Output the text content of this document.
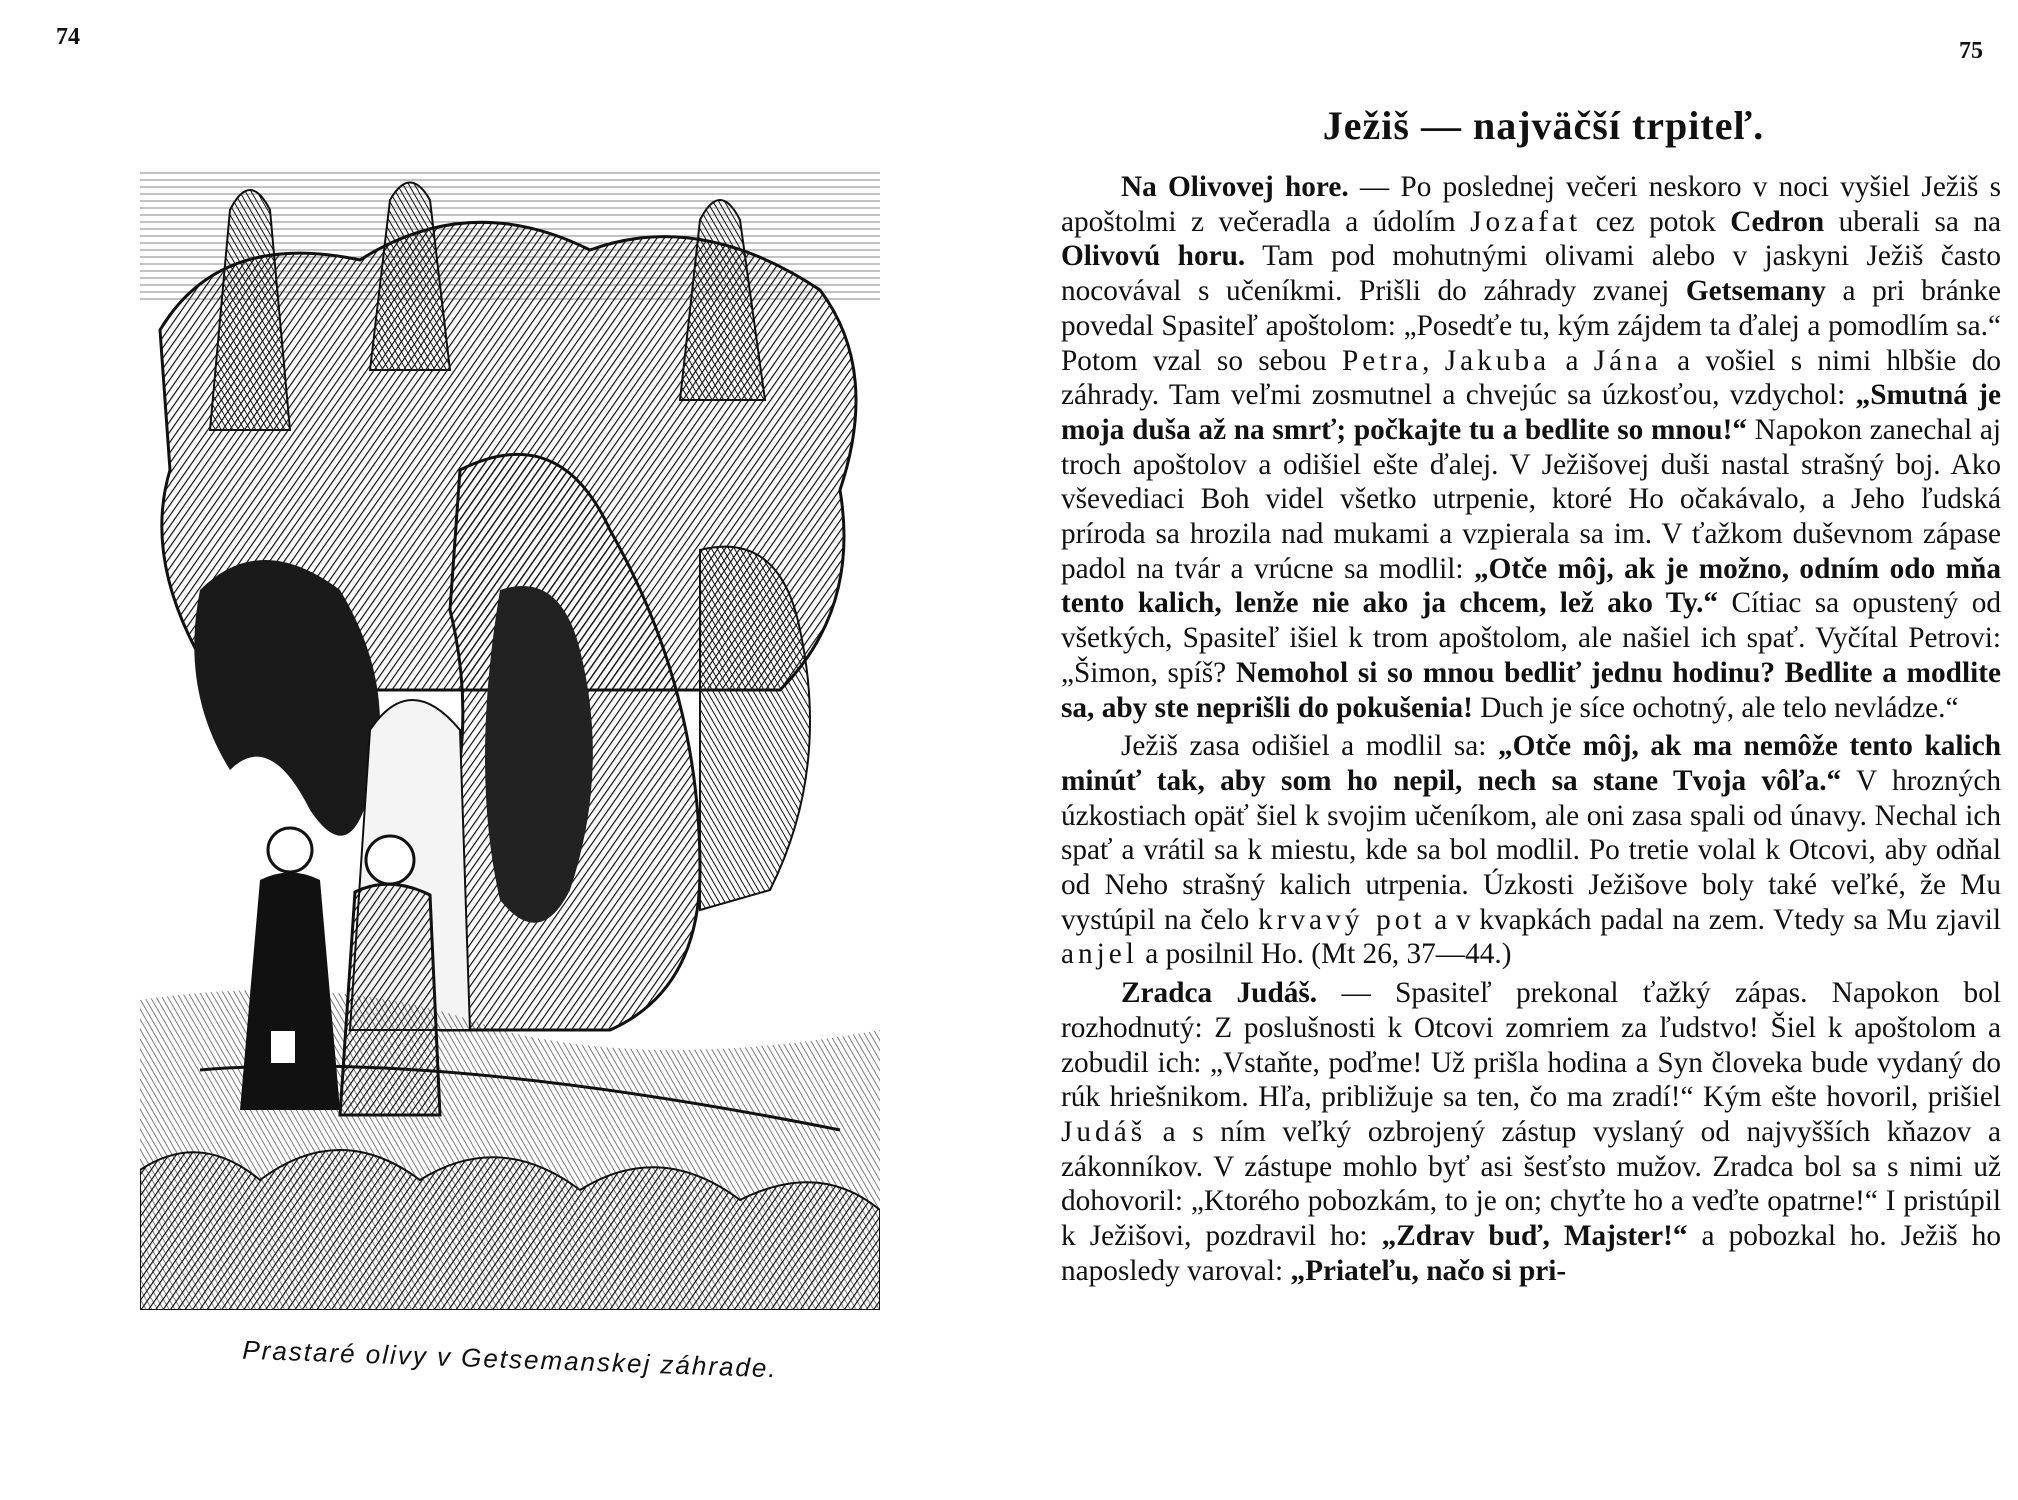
74
Prastaré olivy v Getsemanskej záhrade.
75
Ježiš — najväčší trpiteľ.

Na Olivovej hore. — Po poslednej večeri neskoro v noci vyšiel Ježiš s apoštolmi z večeradla a údolím Jozafat cez potok Cedron uberali sa na Olivovú horu. Tam pod mohutnými olivami alebo v jaskyni Ježiš často nocovával s učeníkmi. Prišli do záhrady zvanej Getsemany a pri bránke povedal Spasiteľ apoštolom: „Posedťe tu, kým zájdem ta ďalej a pomodlím sa.“ Potom vzal so sebou Petra, Jakuba a Jána a vošiel s nimi hlbšie do záhrady. Tam veľmi zosmutnel a chvejúc sa úzkosťou, vzdychol: „Smutná je moja duša až na smrť; počkajte tu a bedlite so mnou!“ Napokon zanechal aj troch apoštolov a odišiel ešte ďalej. V Ježišovej duši nastal strašný boj. Ako vševediaci Boh videl všetko utrpenie, ktoré Ho očakávalo, a Jeho ľudská príroda sa hrozila nad mukami a vzpierala sa im. V ťažkom duševnom zápase padol na tvár a vrúcne sa modlil: „Otče môj, ak je možno, odním odo mňa tento kalich, lenže nie ako ja chcem, lež ako Ty.“ Cítiac sa opustený od všetkých, Spasiteľ išiel k trom apoštolom, ale našiel ich spať. Vyčítal Petrovi: „Šimon, spíš? Nemohol si so mnou bedliť jednu hodinu? Bedlite a modlite sa, aby ste neprišli do pokušenia! Duch je síce ochotný, ale telo nevládze.“

Ježiš zasa odišiel a modlil sa: „Otče môj, ak ma nemôže tento kalich minúť tak, aby som ho nepil, nech sa stane Tvoja vôľa.“ V hrozných úzkostiach opäť šiel k svojim učeníkom, ale oni zasa spali od únavy. Nechal ich spať a vrátil sa k miestu, kde sa bol modlil. Po tretie volal k Otcovi, aby odňal od Neho strašný kalich utrpenia. Úzkosti Ježišove boly také veľké, že Mu vystúpil na čelo krvavý pot a v kvapkách padal na zem. Vtedy sa Mu zjavil anjel a posilnil Ho. (Mt 26, 37—44.)

Zradca Judáš. — Spasiteľ prekonal ťažký zápas. Napokon bol rozhodnutý: Z poslušnosti k Otcovi zomriem za ľudstvo! Šiel k apoštolom a zobudil ich: „Vstaňte, poďme! Už prišla hodina a Syn človeka bude vydaný do rúk hriešnikom. Hľa, približuje sa ten, čo ma zradí!“ Kým ešte hovoril, prišiel Judáš a s ním veľký ozbrojený zástup vyslaný od najvyšších kňazov a zákonníkov. V zástupe mohlo byť asi šesťsto mužov. Zradca bol sa s nimi už dohovoril: „Ktorého pobozkám, to je on; chyťte ho a veďte opatrne!“ I pristúpil k Ježišovi, pozdravil ho: „Zdrav buď, Majster!“ a pobozkal ho. Ježiš ho naposledy varoval: „Priateľu, načo si pri-
